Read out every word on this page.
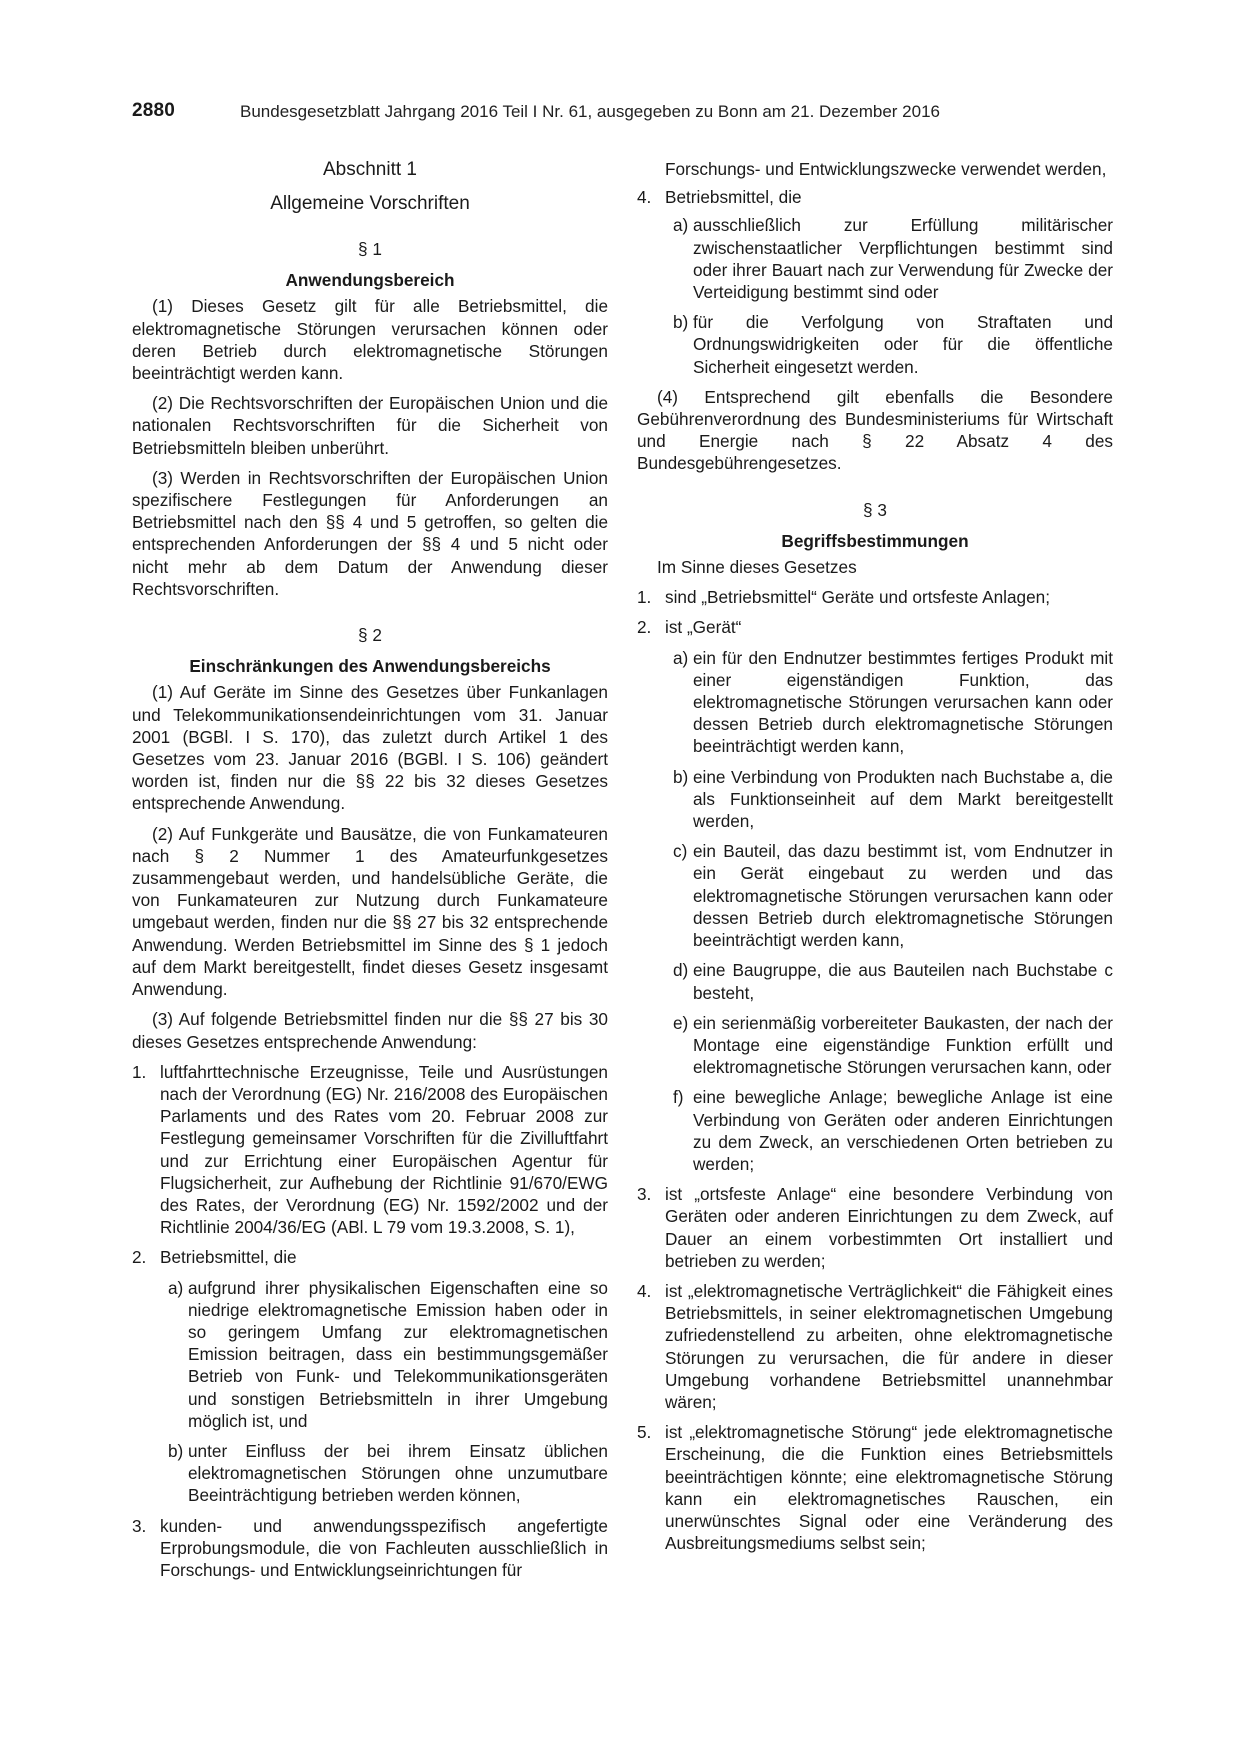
2880	Bundesgesetzblatt Jahrgang 2016 Teil I Nr. 61, ausgegeben zu Bonn am 21. Dezember 2016

Abschnitt 1

Allgemeine Vorschriften

§ 1

Anwendungsbereich

(1) Dieses Gesetz gilt für alle Betriebsmittel, die elektromagnetische Störungen verursachen können oder deren Betrieb durch elektromagnetische Störungen beeinträchtigt werden kann.

(2) Die Rechtsvorschriften der Europäischen Union und die nationalen Rechtsvorschriften für die Sicherheit von Betriebsmitteln bleiben unberührt.

(3) Werden in Rechtsvorschriften der Europäischen Union spezifischere Festlegungen für Anforderungen an Betriebsmittel nach den §§ 4 und 5 getroffen, so gelten die entsprechenden Anforderungen der §§ 4 und 5 nicht oder nicht mehr ab dem Datum der Anwendung dieser Rechtsvorschriften.

§ 2

Einschränkungen des Anwendungsbereichs

(1) Auf Geräte im Sinne des Gesetzes über Funkanlagen und Telekommunikationsendeinrichtungen vom 31. Januar 2001 (BGBl. I S. 170), das zuletzt durch Artikel 1 des Gesetzes vom 23. Januar 2016 (BGBl. I S. 106) geändert worden ist, finden nur die §§ 22 bis 32 dieses Gesetzes entsprechende Anwendung.

(2) Auf Funkgeräte und Bausätze, die von Funkamateuren nach § 2 Nummer 1 des Amateurfunkgesetzes zusammengebaut werden, und handelsübliche Geräte, die von Funkamateuren zur Nutzung durch Funkamateure umgebaut werden, finden nur die §§ 27 bis 32 entsprechende Anwendung. Werden Betriebsmittel im Sinne des § 1 jedoch auf dem Markt bereitgestellt, findet dieses Gesetz insgesamt Anwendung.

(3) Auf folgende Betriebsmittel finden nur die §§ 27 bis 30 dieses Gesetzes entsprechende Anwendung:

1. luftfahrttechnische Erzeugnisse, Teile und Ausrüstungen nach der Verordnung (EG) Nr. 216/2008 des Europäischen Parlaments und des Rates vom 20. Februar 2008 zur Festlegung gemeinsamer Vorschriften für die Zivilluftfahrt und zur Errichtung einer Europäischen Agentur für Flugsicherheit, zur Aufhebung der Richtlinie 91/670/EWG des Rates, der Verordnung (EG) Nr. 1592/2002 und der Richtlinie 2004/36/EG (ABl. L 79 vom 19.3.2008, S. 1),
2. Betriebsmittel, die
a) aufgrund ihrer physikalischen Eigenschaften eine so niedrige elektromagnetische Emission haben oder in so geringem Umfang zur elektromagnetischen Emission beitragen, dass ein bestimmungsgemäßer Betrieb von Funk- und Telekommunikationsgeräten und sonstigen Betriebsmitteln in ihrer Umgebung möglich ist, und
b) unter Einfluss der bei ihrem Einsatz üblichen elektromagnetischen Störungen ohne unzumutbare Beeinträchtigung betrieben werden können,
3. kunden- und anwendungsspezifisch angefertigte Erprobungsmodule, die von Fachleuten ausschließlich in Forschungs- und Entwicklungseinrichtungen für

Forschungs- und Entwicklungszwecke verwendet werden,

4. Betriebsmittel, die
a) ausschließlich zur Erfüllung militärischer zwischenstaatlicher Verpflichtungen bestimmt sind oder ihrer Bauart nach zur Verwendung für Zwecke der Verteidigung bestimmt sind oder
b) für die Verfolgung von Straftaten und Ordnungswidrigkeiten oder für die öffentliche Sicherheit eingesetzt werden.

(4) Entsprechend gilt ebenfalls die Besondere Gebührenverordnung des Bundesministeriums für Wirtschaft und Energie nach § 22 Absatz 4 des Bundesgebührengesetzes.

§ 3

Begriffsbestimmungen

Im Sinne dieses Gesetzes

1. sind „Betriebsmittel“ Geräte und ortsfeste Anlagen;
2. ist „Gerät“
a) ein für den Endnutzer bestimmtes fertiges Produkt mit einer eigenständigen Funktion, das elektromagnetische Störungen verursachen kann oder dessen Betrieb durch elektromagnetische Störungen beeinträchtigt werden kann,
b) eine Verbindung von Produkten nach Buchstabe a, die als Funktionseinheit auf dem Markt bereitgestellt werden,
c) ein Bauteil, das dazu bestimmt ist, vom Endnutzer in ein Gerät eingebaut zu werden und das elektromagnetische Störungen verursachen kann oder dessen Betrieb durch elektromagnetische Störungen beeinträchtigt werden kann,
d) eine Baugruppe, die aus Bauteilen nach Buchstabe c besteht,
e) ein serienmäßig vorbereiteter Baukasten, der nach der Montage eine eigenständige Funktion erfüllt und elektromagnetische Störungen verursachen kann, oder
f) eine bewegliche Anlage; bewegliche Anlage ist eine Verbindung von Geräten oder anderen Einrichtungen zu dem Zweck, an verschiedenen Orten betrieben zu werden;
3. ist „ortsfeste Anlage“ eine besondere Verbindung von Geräten oder anderen Einrichtungen zu dem Zweck, auf Dauer an einem vorbestimmten Ort installiert und betrieben zu werden;
4. ist „elektromagnetische Verträglichkeit“ die Fähigkeit eines Betriebsmittels, in seiner elektromagnetischen Umgebung zufriedenstellend zu arbeiten, ohne elektromagnetische Störungen zu verursachen, die für andere in dieser Umgebung vorhandene Betriebsmittel unannehmbar wären;
5. ist „elektromagnetische Störung“ jede elektromagnetische Erscheinung, die die Funktion eines Betriebsmittels beeinträchtigen könnte; eine elektromagnetische Störung kann ein elektromagnetisches Rauschen, ein unerwünschtes Signal oder eine Veränderung des Ausbreitungsmediums selbst sein;
